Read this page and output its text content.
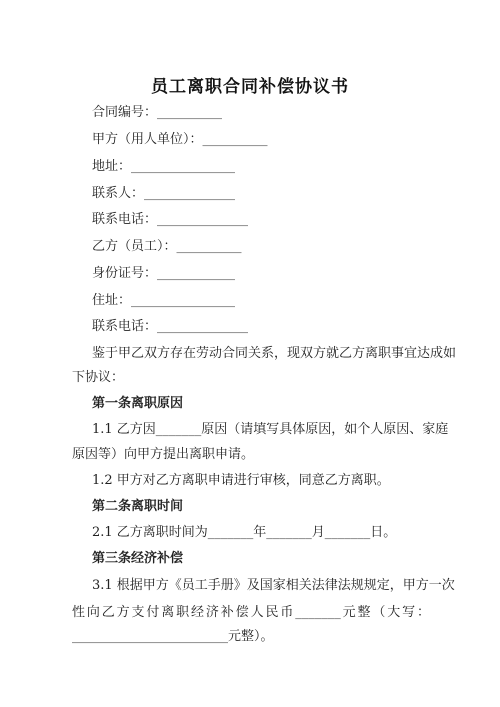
员工离职合同补偿协议书
合同编号：__________
甲方（用人单位）：__________
地址：________________
联系人：______________
联系电话：______________
乙方（员工）：__________
身份证号：____________
住址：________________
联系电话：______________
鉴于甲乙双方存在劳动合同关系，现双方就乙方离职事宜达成如
下协议：
第一条离职原因
1.1 乙方因_______原因（请填写具体原因，如个人原因、家庭
原因等）向甲方提出离职申请。
1.2 甲方对乙方离职申请进行审核，同意乙方离职。
第二条离职时间
2.1 乙方离职时间为_______年_______月_______日。
第三条经济补偿
3.1 根据甲方《员工手册》及国家相关法律法规规定，甲方一次
性向乙方支付离职经济补偿人民币_______元整（大写：
________________________元整）。
